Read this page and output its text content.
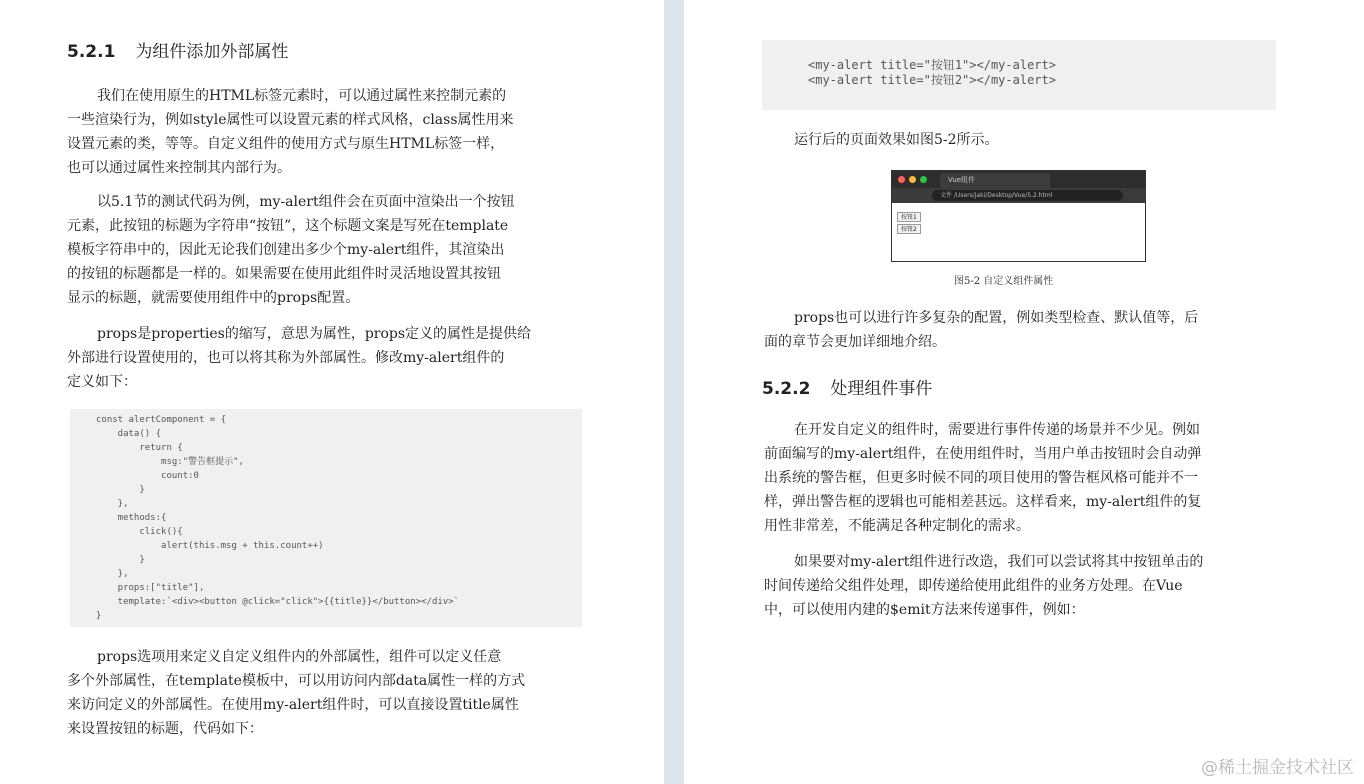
5.2.1 为组件添加外部属性
我们在使用原生的HTML标签元素时，可以通过属性来控制元素的
一些渲染行为，例如style属性可以设置元素的样式风格，class属性用来
设置元素的类，等等。自定义组件的使用方式与原生HTML标签一样，
也可以通过属性来控制其内部行为。
以5.1节的测试代码为例，my-alert组件会在页面中渲染出一个按钮
元素，此按钮的标题为字符串“按钮”，这个标题文案是写死在template
模板字符串中的，因此无论我们创建出多少个my-alert组件，其渲染出
的按钮的标题都是一样的。如果需要在使用此组件时灵活地设置其按钮
显示的标题，就需要使用组件中的props配置。
props是properties的缩写，意思为属性，props定义的属性是提供给
外部进行设置使用的，也可以将其称为外部属性。修改my-alert组件的
定义如下：
const alertComponent = {
data() {
return {
msg:"警告框提示",
count:0
}
},
methods:{
click(){
alert(this.msg + this.count++)
}
},
props:["title"],
template:`<div><button @click="click">{{title}}</button></div>`
}
props选项用来定义自定义组件内的外部属性，组件可以定义任意
多个外部属性，在template模板中，可以用访问内部data属性一样的方式
来访问定义的外部属性。在使用my-alert组件时，可以直接设置title属性
来设置按钮的标题，代码如下：
<my-alert title="按钮1"></my-alert>
<my-alert title="按钮2"></my-alert>
运行后的页面效果如图5-2所示。
Vue组件
文件 /Users/jaki/Desktop/Vue/5.2.html
按钮1
按钮2
图5-2 自定义组件属性
props也可以进行许多复杂的配置，例如类型检查、默认值等，后
面的章节会更加详细地介绍。
5.2.2 处理组件事件
在开发自定义的组件时，需要进行事件传递的场景并不少见。例如
前面编写的my-alert组件，在使用组件时，当用户单击按钮时会自动弹
出系统的警告框，但更多时候不同的项目使用的警告框风格可能并不一
样，弹出警告框的逻辑也可能相差甚远。这样看来，my-alert组件的复
用性非常差，不能满足各种定制化的需求。
如果要对my-alert组件进行改造，我们可以尝试将其中按钮单击的
时间传递给父组件处理，即传递给使用此组件的业务方处理。在Vue
中，可以使用内建的$emit方法来传递事件，例如：
@稀土掘金技术社区
